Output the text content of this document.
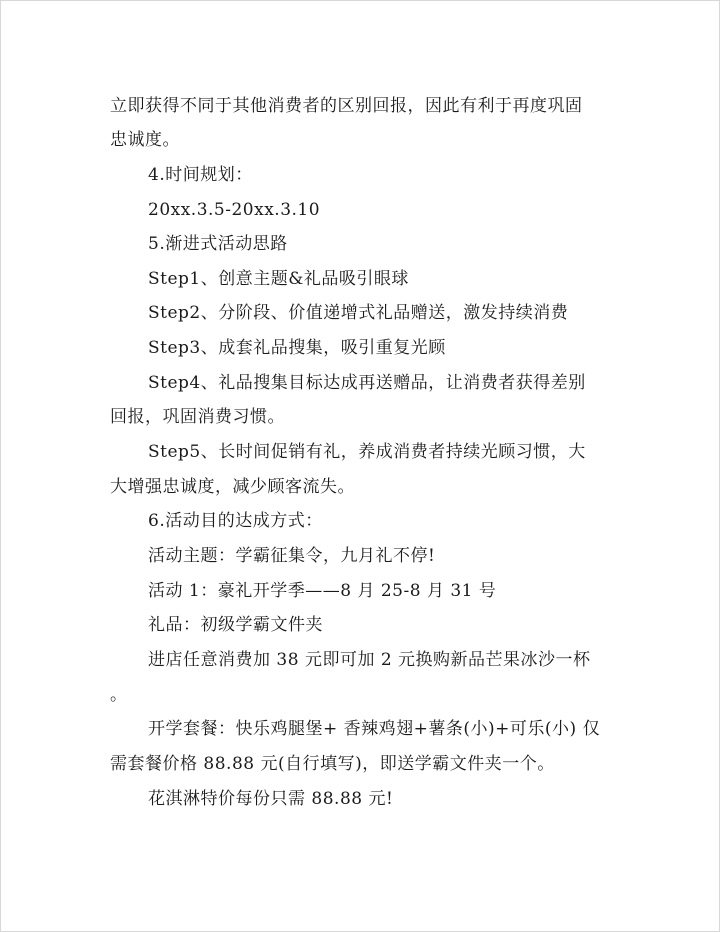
立即获得不同于其他消费者的区别回报，因此有利于再度巩固
忠诚度。
4.时间规划：
20xx.3.5-20xx.3.10
5.渐进式活动思路
Step1、创意主题&礼品吸引眼球
Step2、分阶段、价值递增式礼品赠送，激发持续消费
Step3、成套礼品搜集，吸引重复光顾
Step4、礼品搜集目标达成再送赠品，让消费者获得差别
回报，巩固消费习惯。
Step5、长时间促销有礼，养成消费者持续光顾习惯，大
大增强忠诚度，减少顾客流失。
6.活动目的达成方式：
活动主题：学霸征集令，九月礼不停!
活动 1：豪礼开学季——8 月 25-8 月 31 号
礼品：初级学霸文件夹
进店任意消费加 38 元即可加 2 元换购新品芒果冰沙一杯
。
开学套餐：快乐鸡腿堡+ 香辣鸡翅+薯条(小)+可乐(小) 仅
需套餐价格 88.88 元(自行填写)，即送学霸文件夹一个。
花淇淋特价每份只需 88.88 元!
